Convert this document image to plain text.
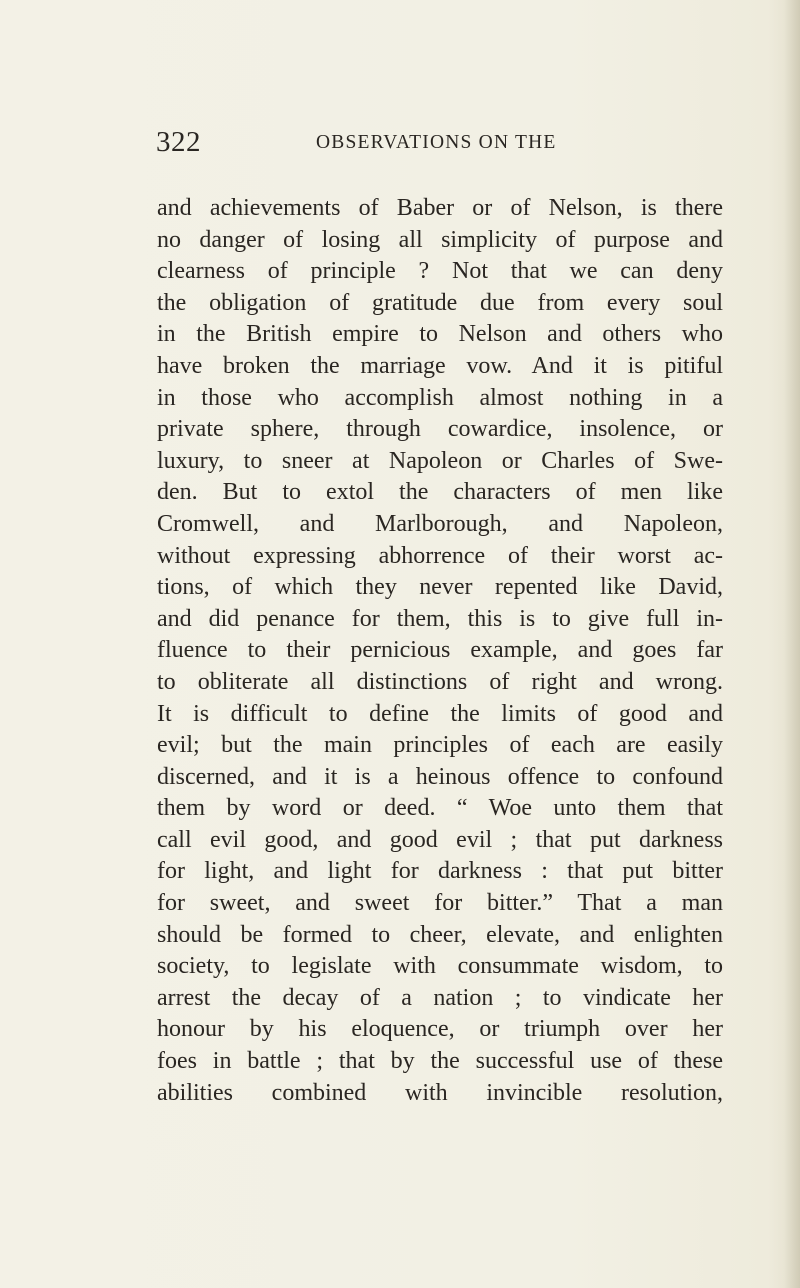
322	OBSERVATIONS ON THE
and achievements of Baber or of Nelson, is there
no danger of losing all simplicity of purpose and
clearness of principle ? Not that we can deny
the obligation of gratitude due from every soul
in the British empire to Nelson and others who
have broken the marriage vow. And it is pitiful
in those who accomplish almost nothing in a
private sphere, through cowardice, insolence, or
luxury, to sneer at Napoleon or Charles of Swe-
den. But to extol the characters of men like
Cromwell, and Marlborough, and Napoleon,
without expressing abhorrence of their worst ac-
tions, of which they never repented like David,
and did penance for them, this is to give full in-
fluence to their pernicious example, and goes far
to obliterate all distinctions of right and wrong.
It is difficult to define the limits of good and
evil; but the main principles of each are easily
discerned, and it is a heinous offence to confound
them by word or deed. “ Woe unto them that
call evil good, and good evil ; that put darkness
for light, and light for darkness : that put bitter
for sweet, and sweet for bitter.” That a man
should be formed to cheer, elevate, and enlighten
society, to legislate with consummate wisdom, to
arrest the decay of a nation ; to vindicate her
honour by his eloquence, or triumph over her
foes in battle ; that by the successful use of these
abilities combined with invincible resolution,
